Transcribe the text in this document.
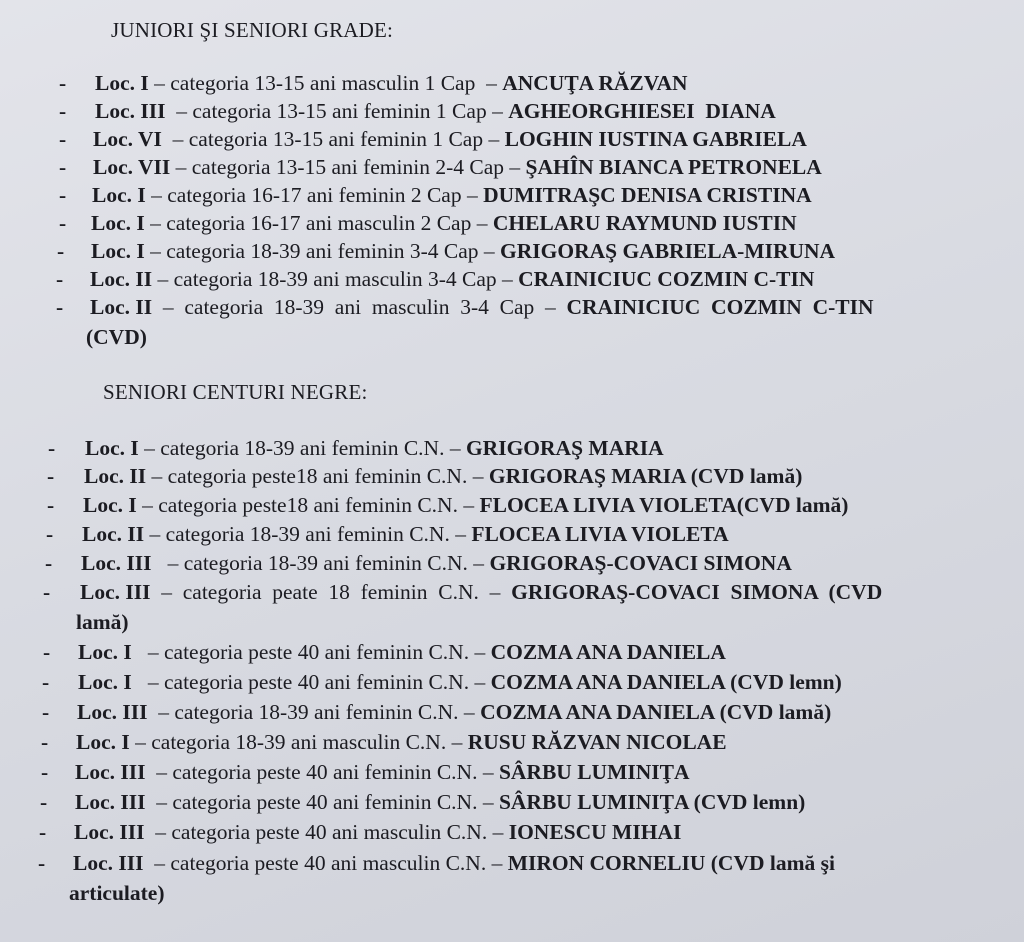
JUNIORI ŞI SENIORI GRADE:
- Loc. I – categoria 13-15 ani masculin 1 Cap  – ANCUŢA RĂZVAN
- Loc. III  – categoria 13-15 ani feminin 1 Cap – AGHEORGHIESEI  DIANA
- Loc. VI  – categoria 13-15 ani feminin 1 Cap – LOGHIN IUSTINA GABRIELA
- Loc. VII – categoria 13-15 ani feminin 2-4 Cap – ŞAHÎN BIANCA PETRONELA
- Loc. I – categoria 16-17 ani feminin 2 Cap – DUMITRAŞC DENISA CRISTINA
- Loc. I – categoria 16-17 ani masculin 2 Cap – CHELARU RAYMUND IUSTIN
- Loc. I – categoria 18-39 ani feminin 3-4 Cap – GRIGORAŞ GABRIELA-MIRUNA
- Loc. II – categoria 18-39 ani masculin 3-4 Cap – CRAINICIUC COZMIN C-TIN
- Loc. II  –  categoria  18-39  ani  masculin  3-4  Cap  –  CRAINICIUC  COZMIN  C-TIN
(CVD)
SENIORI CENTURI NEGRE:
- Loc. I – categoria 18-39 ani feminin C.N. – GRIGORAŞ MARIA
- Loc. II – categoria peste18 ani feminin C.N. – GRIGORAŞ MARIA (CVD lamă)
- Loc. I – categoria peste18 ani feminin C.N. – FLOCEA LIVIA VIOLETA(CVD lamă)
- Loc. II – categoria 18-39 ani feminin C.N. – FLOCEA LIVIA VIOLETA
- Loc. III   – categoria 18-39 ani feminin C.N. – GRIGORAŞ-COVACI SIMONA
- Loc. III  –  categoria  peate  18  feminin  C.N.  –  GRIGORAŞ-COVACI  SIMONA  (CVD
lamă)
- Loc. I   – categoria peste 40 ani feminin C.N. – COZMA ANA DANIELA
- Loc. I   – categoria peste 40 ani feminin C.N. – COZMA ANA DANIELA (CVD lemn)
- Loc. III  – categoria 18-39 ani feminin C.N. – COZMA ANA DANIELA (CVD lamă)
- Loc. I – categoria 18-39 ani masculin C.N. – RUSU RĂZVAN NICOLAE
- Loc. III  – categoria peste 40 ani feminin C.N. – SÂRBU LUMINIŢA
- Loc. III  – categoria peste 40 ani feminin C.N. – SÂRBU LUMINIŢA (CVD lemn)
- Loc. III  – categoria peste 40 ani masculin C.N. – IONESCU MIHAI
- Loc. III  – categoria peste 40 ani masculin C.N. – MIRON CORNELIU (CVD lamă şi
articulate)
